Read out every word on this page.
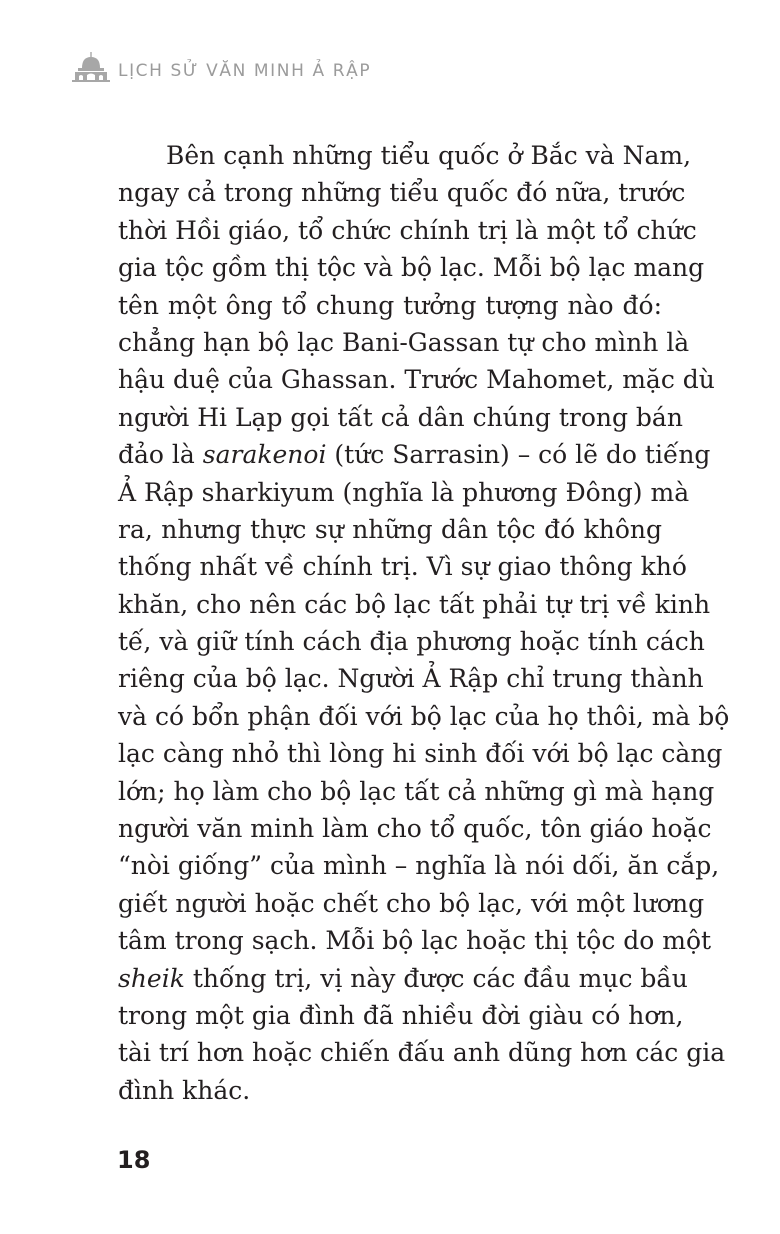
LỊCH SỬ VĂN MINH Ả RẬP
Bên cạnh những tiểu quốc ở Bắc và Nam,
ngay cả trong những tiểu quốc đó nữa, trước
thời Hồi giáo, tổ chức chính trị là một tổ chức
gia tộc gồm thị tộc và bộ lạc. Mỗi bộ lạc mang
tên một ông tổ chung tưởng tượng nào đó:
chẳng hạn bộ lạc Bani-Gassan tự cho mình là
hậu duệ của Ghassan. Trước Mahomet, mặc dù
người Hi Lạp gọi tất cả dân chúng trong bán
đảo là sarakenoi (tức Sarrasin) – có lẽ do tiếng
Ả Rập sharkiyum (nghĩa là phương Đông) mà
ra, nhưng thực sự những dân tộc đó không
thống nhất về chính trị. Vì sự giao thông khó
khăn, cho nên các bộ lạc tất phải tự trị về kinh
tế, và giữ tính cách địa phương hoặc tính cách
riêng của bộ lạc. Người Ả Rập chỉ trung thành
và có bổn phận đối với bộ lạc của họ thôi, mà bộ
lạc càng nhỏ thì lòng hi sinh đối với bộ lạc càng
lớn; họ làm cho bộ lạc tất cả những gì mà hạng
người văn minh làm cho tổ quốc, tôn giáo hoặc
“nòi giống” của mình – nghĩa là nói dối, ăn cắp,
giết người hoặc chết cho bộ lạc, với một lương
tâm trong sạch. Mỗi bộ lạc hoặc thị tộc do một
sheik thống trị, vị này được các đầu mục bầu
trong một gia đình đã nhiều đời giàu có hơn,
tài trí hơn hoặc chiến đấu anh dũng hơn các gia
đình khác.
18
